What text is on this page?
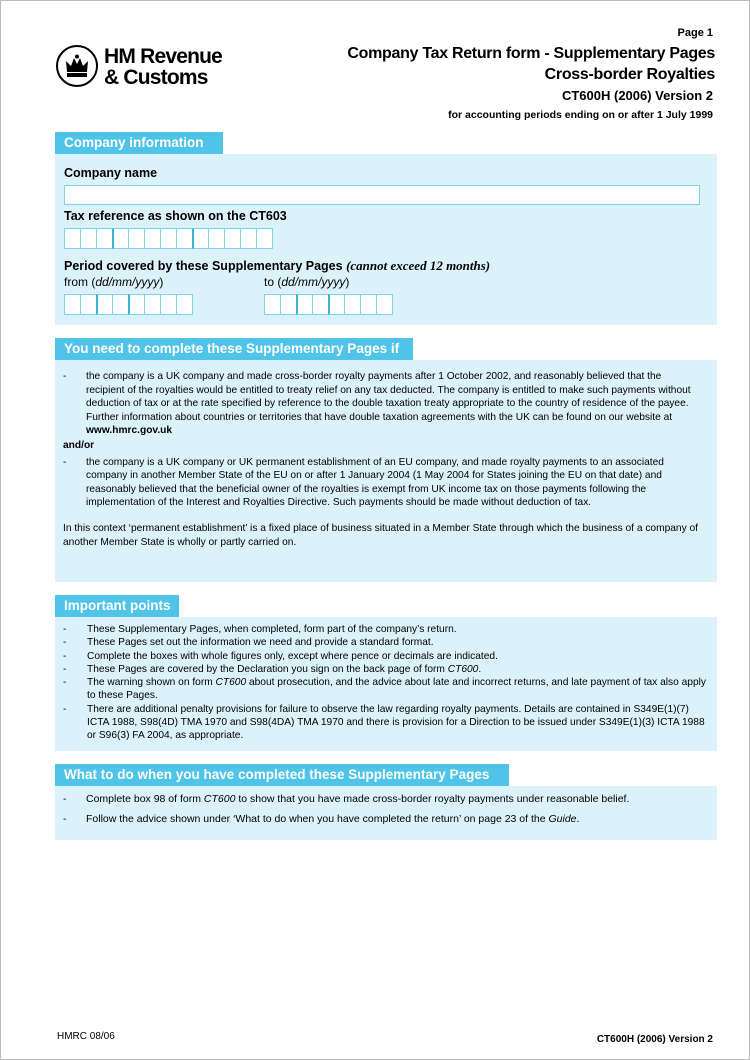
HM Revenue
& Customs
Page 1
Company Tax Return form - Supplementary Pages
Cross-border Royalties
CT600H (2006) Version 2
for accounting periods ending on or after 1 July 1999
Company information
Company name
Tax reference as shown on the CT603
Period covered by these Supplementary Pages (cannot exceed 12 months)
from (dd/mm/yyyy)	to (dd/mm/yyyy)
You need to complete these Supplementary Pages if
- the company is a UK company and made cross-border royalty payments after 1 October 2002, and reasonably believed that the recipient of the royalties would be entitled to treaty relief on any tax deducted. The company is entitled to make such payments without deduction of tax or at the rate specified by reference to the double taxation treaty appropriate to the country of residence of the payee. Further information about countries or territories that have double taxation agreements with the UK can be found on our website at www.hmrc.gov.uk
and/or
- the company is a UK company or UK permanent establishment of an EU company, and made royalty payments to an associated company in another Member State of the EU on or after 1 January 2004 (1 May 2004 for States joining the EU on that date) and reasonably believed that the beneficial owner of the royalties is exempt from UK income tax on those payments following the implementation of the Interest and Royalties Directive. Such payments should be made without deduction of tax.
In this context ‘permanent establishment’ is a fixed place of business situated in a Member State through which the business of a company of another Member State is wholly or partly carried on.
Important points
- These Supplementary Pages, when completed, form part of the company’s return.
- These Pages set out the information we need and provide a standard format.
- Complete the boxes with whole figures only, except where pence or decimals are indicated.
- These Pages are covered by the Declaration you sign on the back page of form CT600.
- The warning shown on form CT600 about prosecution, and the advice about late and incorrect returns, and late payment of tax also apply to these Pages.
- There are additional penalty provisions for failure to observe the law regarding royalty payments. Details are contained in S349E(1)(7) ICTA 1988, S98(4D) TMA 1970 and S98(4DA) TMA 1970 and there is provision for a Direction to be issued under S349E(1)(3) ICTA 1988 or S96(3) FA 2004, as appropriate.
What to do when you have completed these Supplementary Pages
- Complete box 98 of form CT600 to show that you have made cross-border royalty payments under reasonable belief.
- Follow the advice shown under ‘What to do when you have completed the return’ on page 23 of the Guide.
HMRC 08/06	CT600H (2006) Version 2
